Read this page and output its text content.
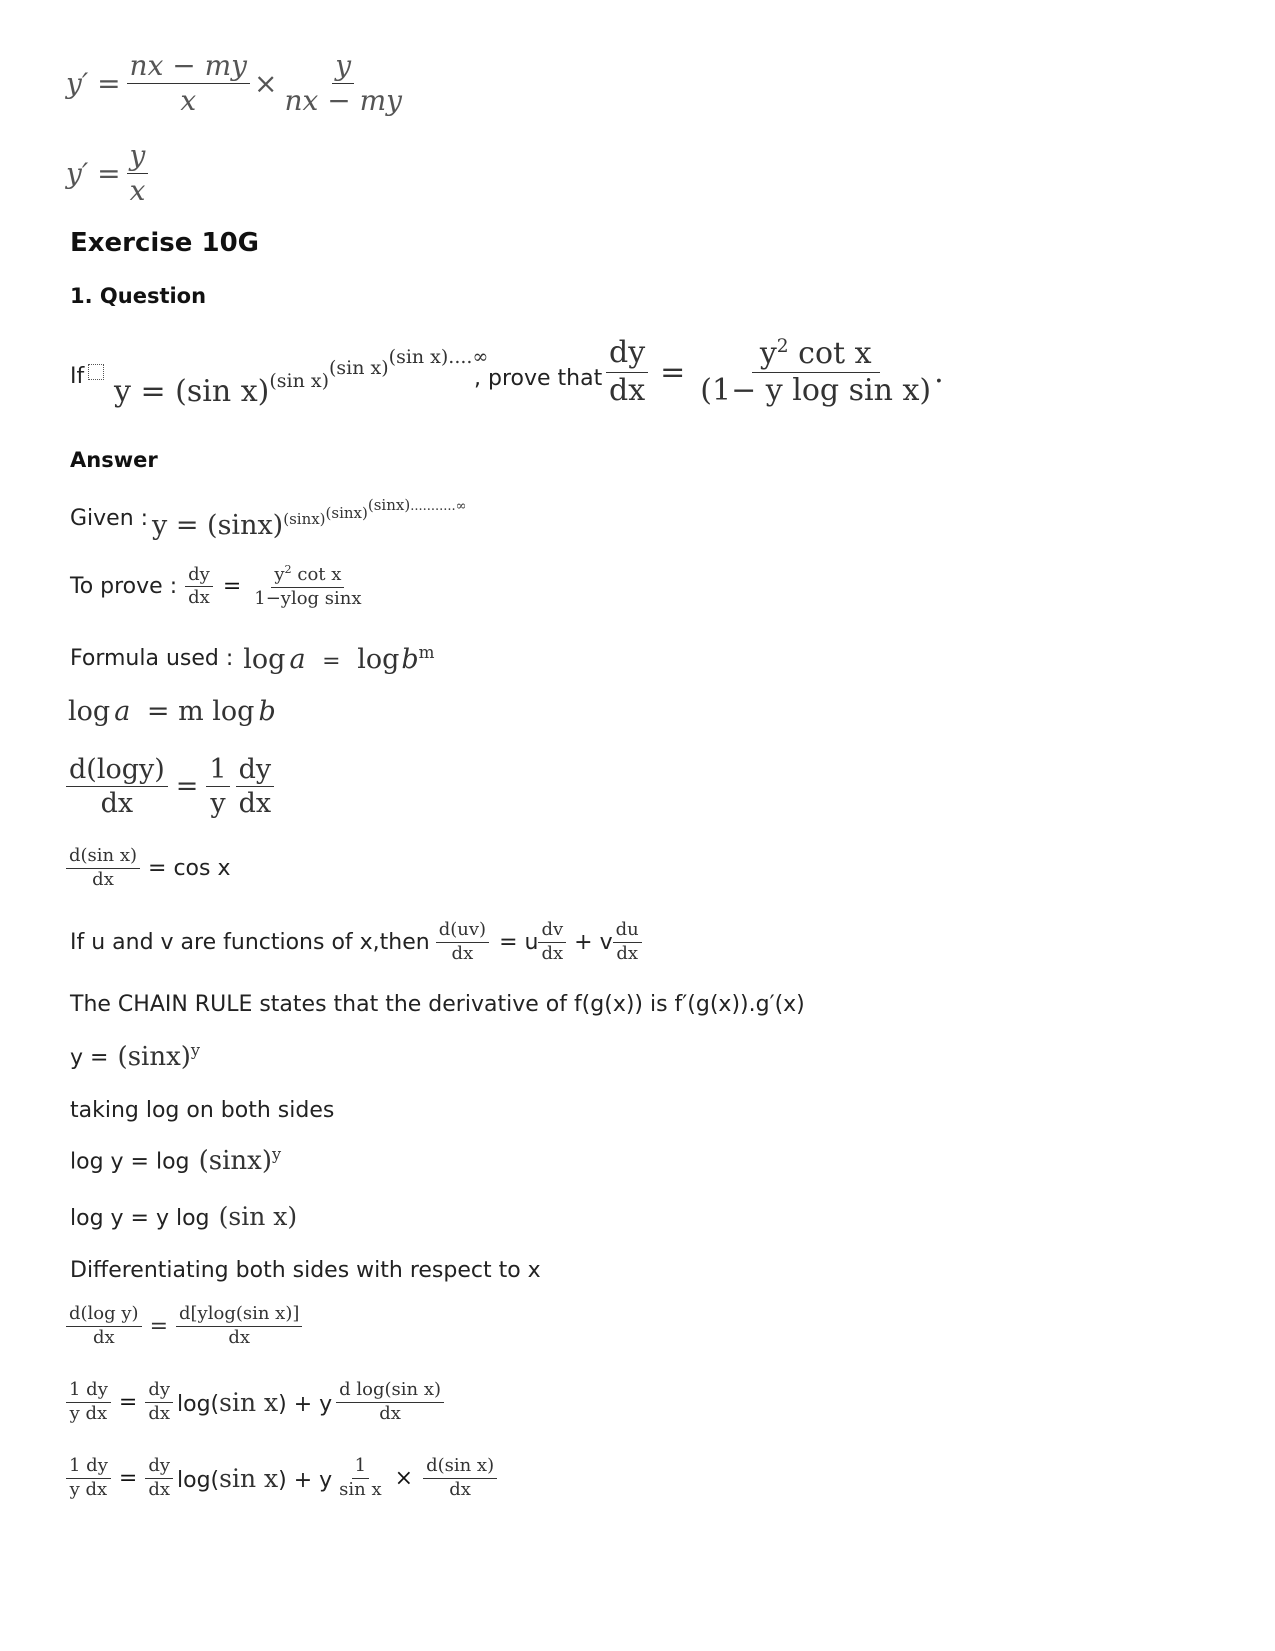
$y' = \frac{nx - my}{x} \times \frac{y}{nx - my}$
$y' = \frac{y}{x}$
Exercise 10G
1. Question
If y = (sin x)$^{(sin x)(sin x)(sin x)....\infty}$
, prove that $\frac{dy}{dx} = \frac{y^2 \cot x}{\text{(1− y log sin x)}}$ .
Answer
Given : $y = (\sin x)^{(sinx)(sinx)(sinx)...........\infty}$
To prove : $\frac{dy}{dx} = \frac{y^2 \cot x}{\text{1−ylog sinx}}$
Formula used : log a = logb$^m$
log a = m log b
$\frac{d(\log y)}{dx} = \frac{1}{y} \frac{dy}{dx}$
$\frac{\text{d(sin x)}}{dx} = \cos x$
If u and v are functions of x,then $\frac{d(uv)}{dx} = u \frac{dv}{dx} + v \frac{du}{dx}$
The CHAIN RULE states that the derivative of f(g(x)) is f′(g(x)).g′(x)
$y = (\sin x)^y$
taking log on both sides
$\log y = \log (\sin x)^y$
log y = y log (sin x)
Differentiating both sides with respect to x
$\frac{\text{d(log y)}}{dx} = \frac{\text{d[ylog(sin x)]}}{dx}$
$\frac{1 dy}{\text{y dx}} = \frac{dy}{dx} \log(\sin$ x) + y $\frac{\text{d log(sin x)}}{dx}$
$\frac{1 dy}{\text{y dx}} = \frac{dy}{dx} \log(\sin$ x) + y $\frac{1}{\text{sin x}} \times \frac{\text{d(sin x)}}{dx}$
